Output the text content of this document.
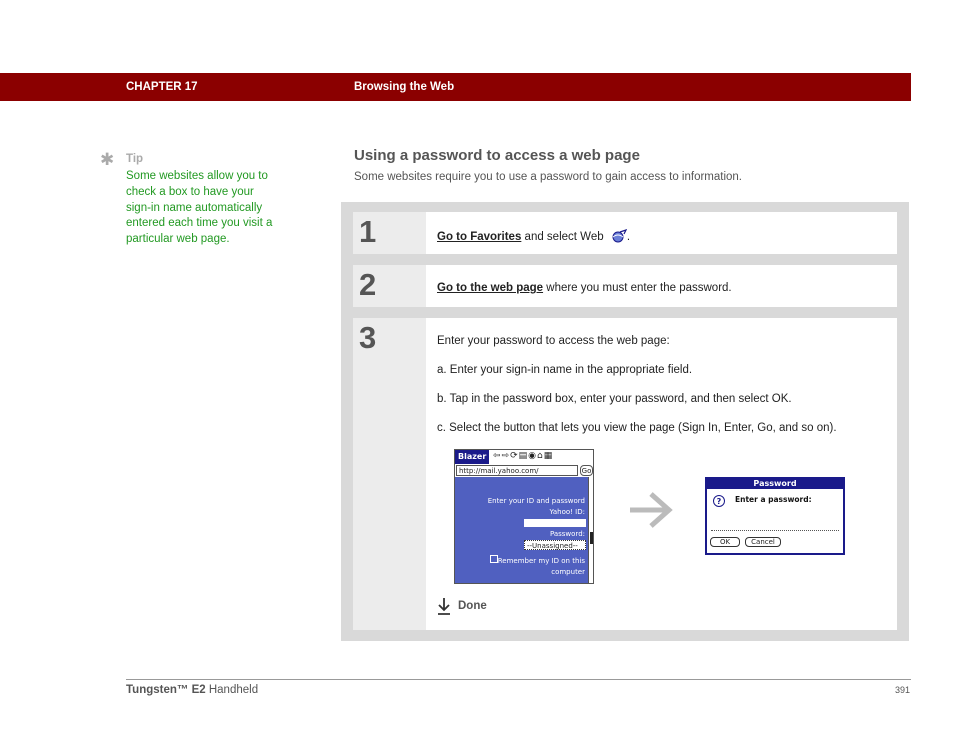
CHAPTER 17	Browsing the Web
✱ Tip
Some websites allow you to check a box to have your sign-in name automatically entered each time you visit a particular web page.
Using a password to access a web page
Some websites require you to use a password to gain access to information.
1	Go to Favorites and select Web .
2	Go to the web page where you must enter the password.
3	Enter your password to access the web page:
a. Enter your sign-in name in the appropriate field.
b. Tap in the password box, enter your password, and then select OK.
c. Select the button that lets you view the page (Sign In, Enter, Go, and so on).
Blazer ⇦⇨⟳▤◉⌂▦
http://mail.yahoo.com/	Go
Enter your ID and password
Yahoo! ID:
Password:
--Unassigned--
Remember my ID on this
computer
Password
?	Enter a password:
OK	Cancel
Done
Tungsten™ E2 Handheld	391
